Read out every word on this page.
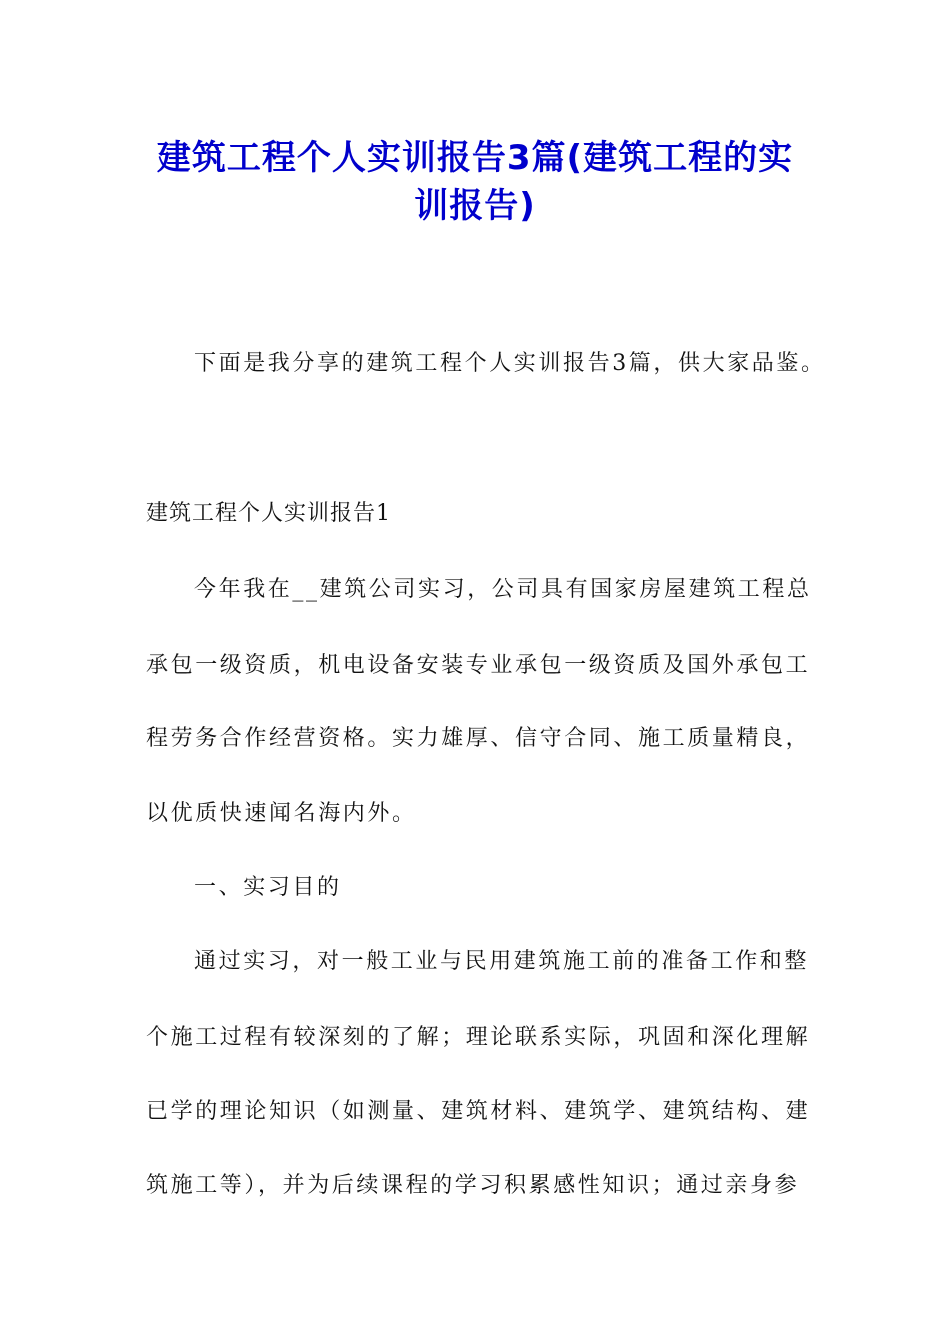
建筑工程个人实训报告3篇(建筑工程的实
训报告)
下面是我分享的建筑工程个人实训报告3篇，供大家品鉴。
建筑工程个人实训报告1
今年我在__建筑公司实习，公司具有国家房屋建筑工程总
承包一级资质，机电设备安装专业承包一级资质及国外承包工
程劳务合作经营资格。实力雄厚、信守合同、施工质量精良，
以优质快速闻名海内外。
一、实习目的
通过实习，对一般工业与民用建筑施工前的准备工作和整
个施工过程有较深刻的了解；理论联系实际，巩固和深化理解
已学的理论知识（如测量、建筑材料、建筑学、建筑结构、建
筑施工等），并为后续课程的学习积累感性知识；通过亲身参
